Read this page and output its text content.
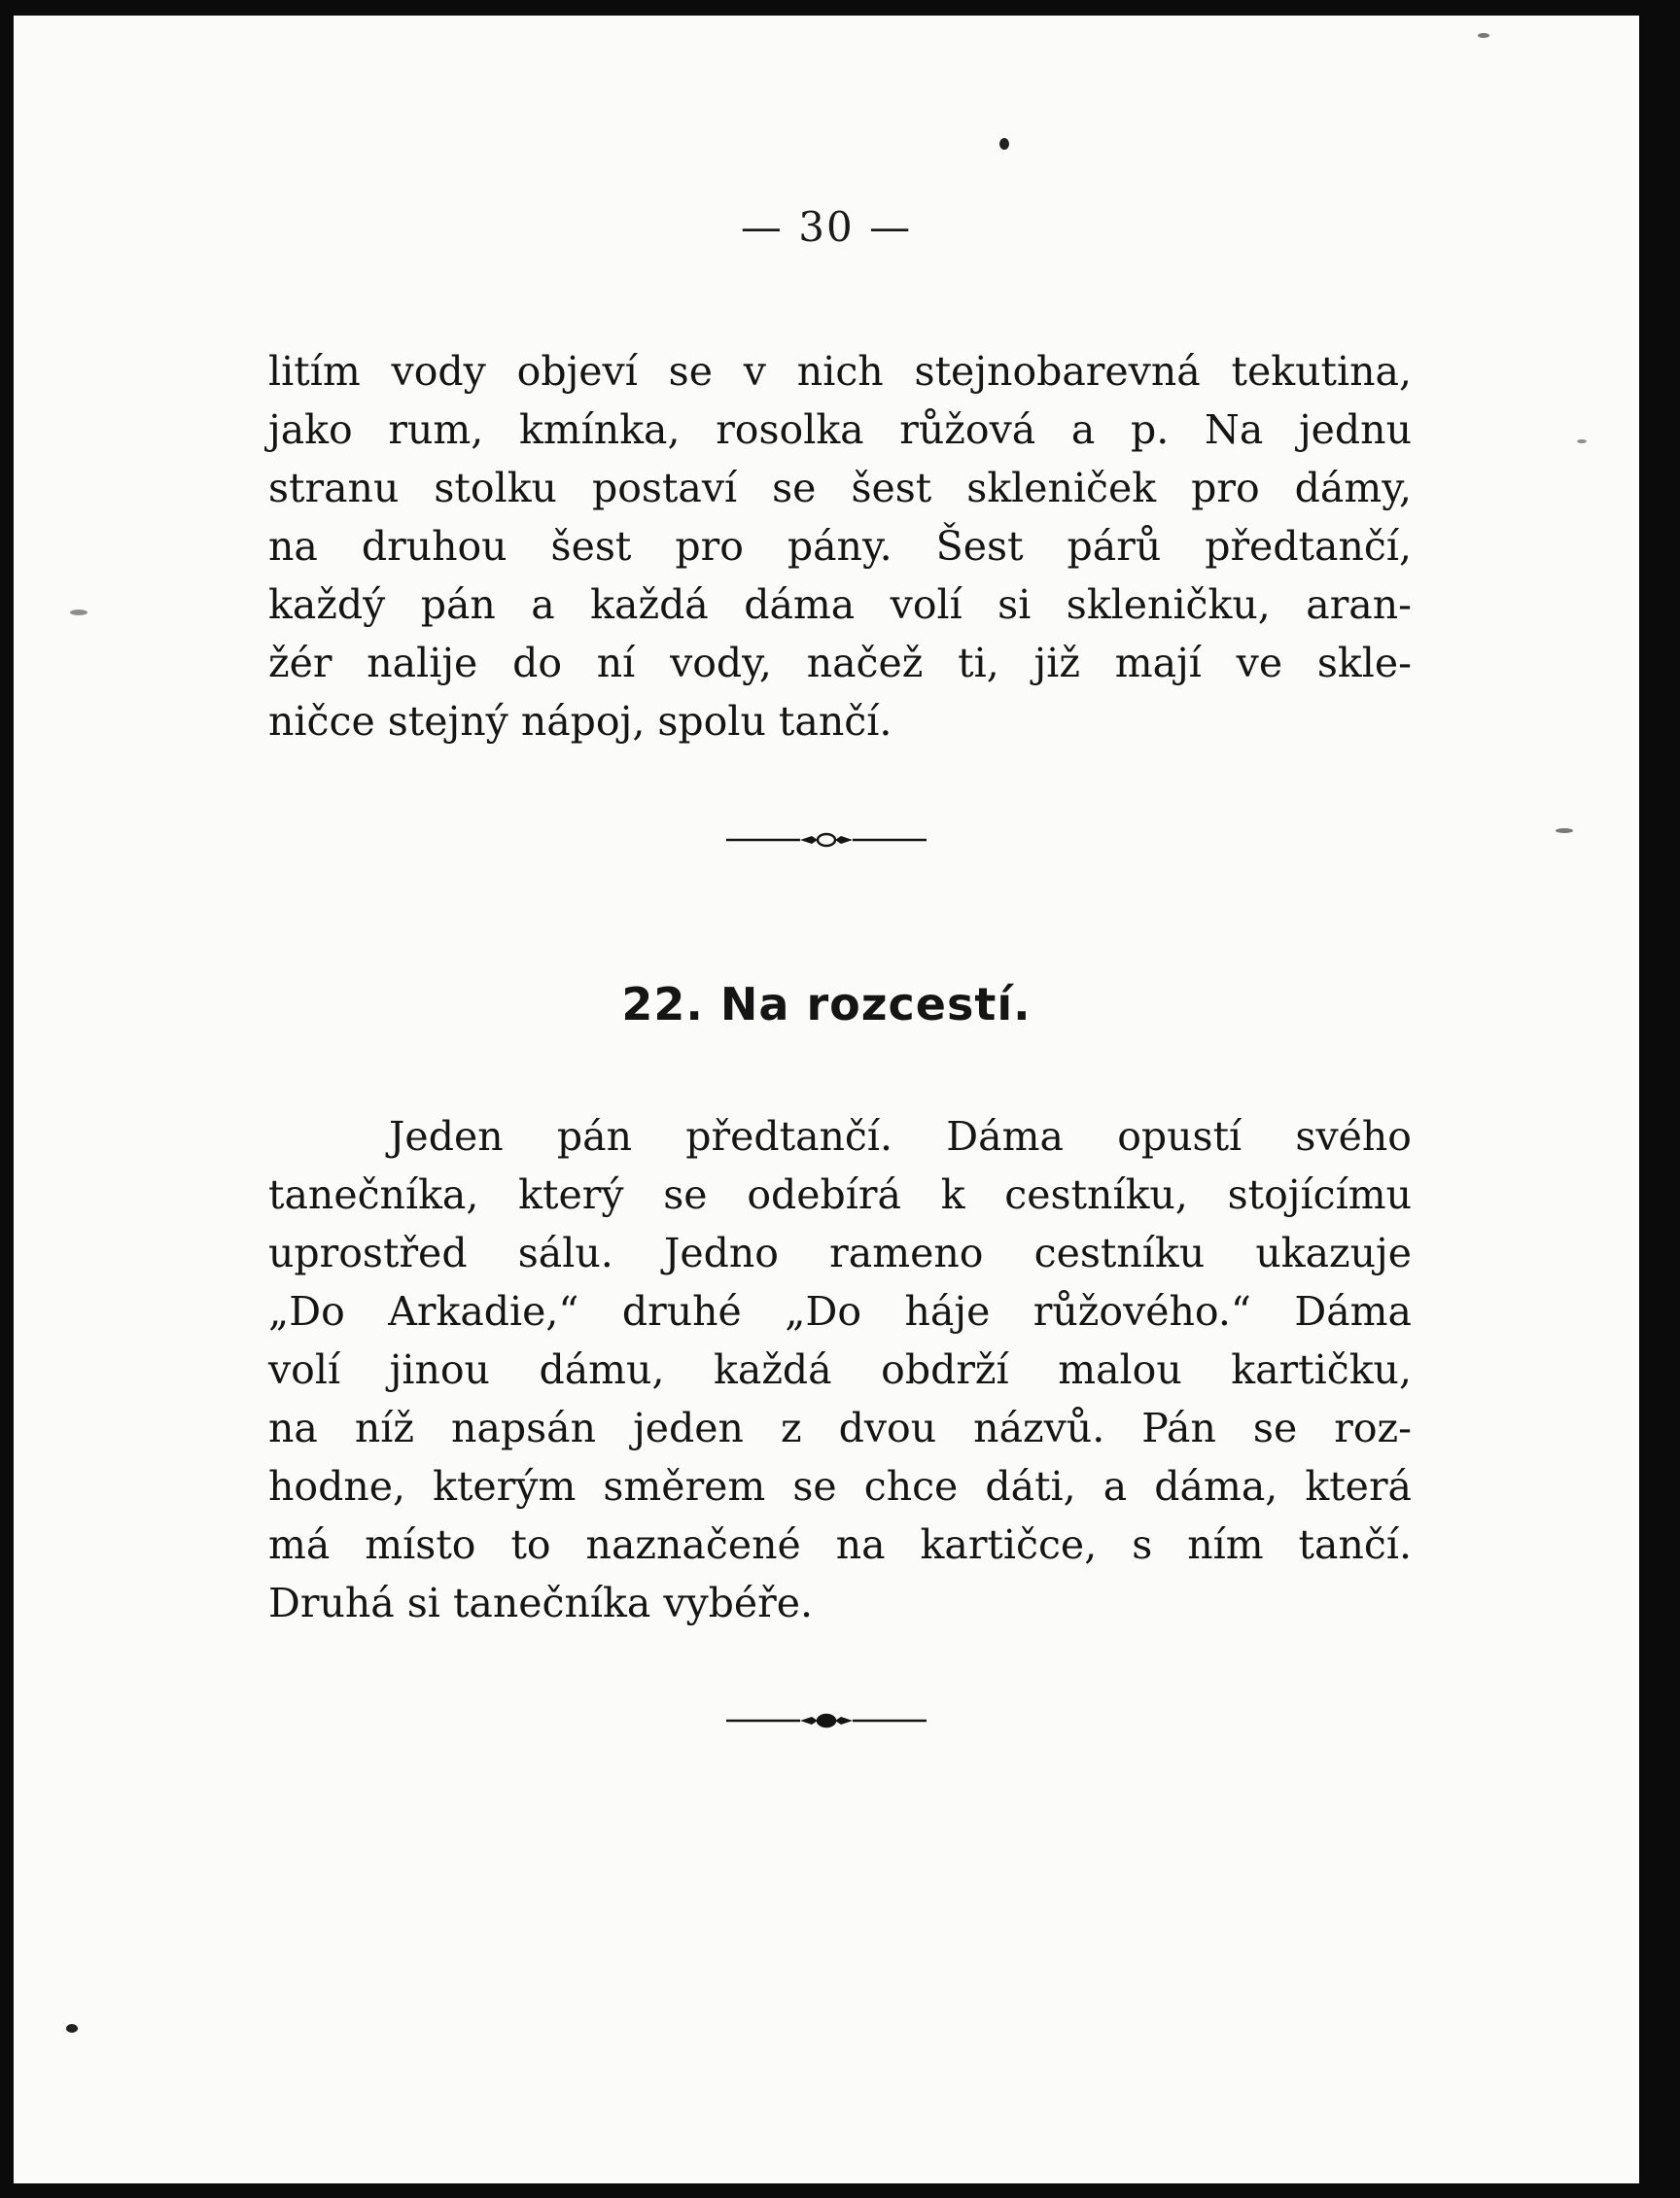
— 30 —
litím vody objeví se v nich stejnobarevná tekutina,
jako rum, kmínka, rosolka růžová a p. Na jednu
stranu stolku postaví se šest skleniček pro dámy,
na druhou šest pro pány. Šest párů předtančí,
každý pán a každá dáma volí si skleničku, aran-
žér nalije do ní vody, načež ti, již mají ve skle-
ničce stejný nápoj, spolu tančí.
22. Na rozcestí.
Jeden pán předtančí. Dáma opustí svého
tanečníka, který se odebírá k cestníku, stojícímu
uprostřed sálu. Jedno rameno cestníku ukazuje
„Do Arkadie,“ druhé „Do háje růžového.“ Dáma
volí jinou dámu, každá obdrží malou kartičku,
na níž napsán jeden z dvou názvů. Pán se roz-
hodne, kterým směrem se chce dáti, a dáma, která
má místo to naznačené na kartičce, s ním tančí.
Druhá si tanečníka vybéře.
